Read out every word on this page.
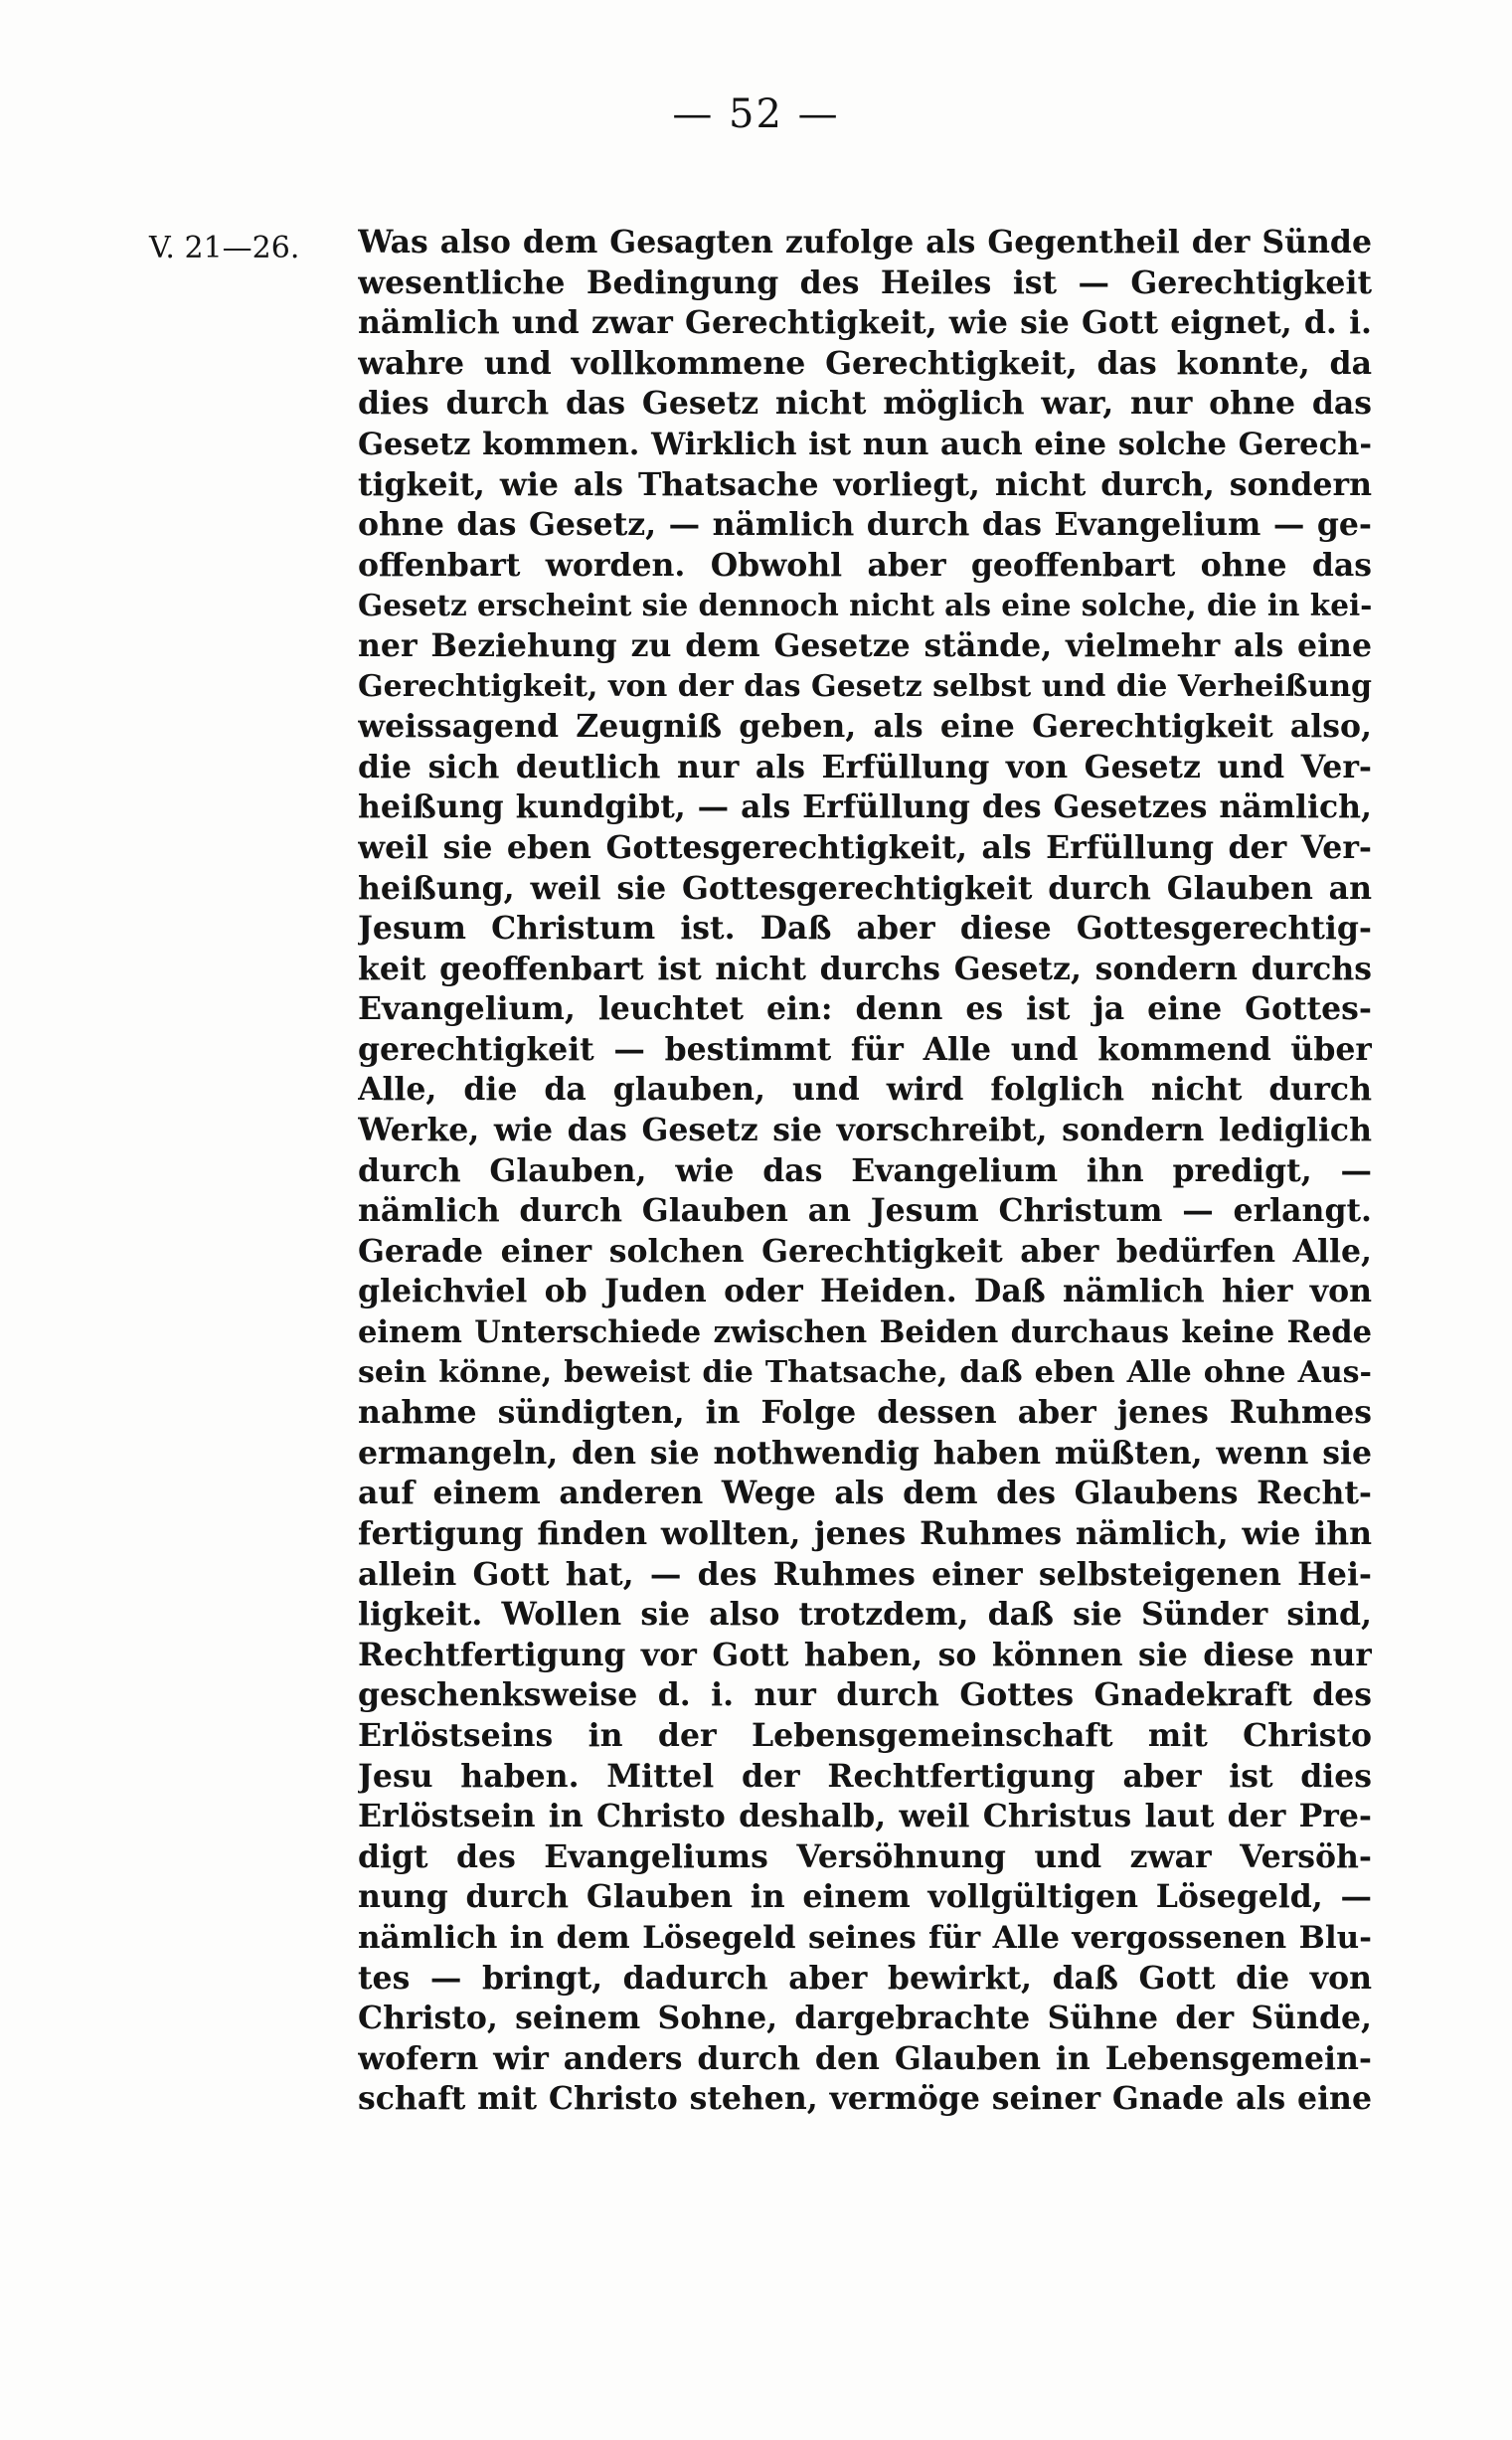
— 52 —
V. 21—26. Was also dem Gesagten zufolge als Gegentheil der Sünde
wesentliche Bedingung des Heiles ist — Gerechtigkeit
nämlich und zwar Gerechtigkeit, wie sie Gott eignet, d. i.
wahre und vollkommene Gerechtigkeit, das konnte, da
dies durch das Gesetz nicht möglich war, nur ohne das
Gesetz kommen. Wirklich ist nun auch eine solche Gerech-
tigkeit, wie als Thatsache vorliegt, nicht durch, sondern
ohne das Gesetz, — nämlich durch das Evangelium — ge-
offenbart worden. Obwohl aber geoffenbart ohne das
Gesetz erscheint sie dennoch nicht als eine solche, die in kei-
ner Beziehung zu dem Gesetze stände, vielmehr als eine
Gerechtigkeit, von der das Gesetz selbst und die Verheißung
weissagend Zeugniß geben, als eine Gerechtigkeit also,
die sich deutlich nur als Erfüllung von Gesetz und Ver-
heißung kundgibt, — als Erfüllung des Gesetzes nämlich,
weil sie eben Gottesgerechtigkeit, als Erfüllung der Ver-
heißung, weil sie Gottesgerechtigkeit durch Glauben an
Jesum Christum ist. Daß aber diese Gottesgerechtig-
keit geoffenbart ist nicht durchs Gesetz, sondern durchs
Evangelium, leuchtet ein: denn es ist ja eine Gottes-
gerechtigkeit — bestimmt für Alle und kommend über
Alle, die da glauben, und wird folglich nicht durch
Werke, wie das Gesetz sie vorschreibt, sondern lediglich
durch Glauben, wie das Evangelium ihn predigt, —
nämlich durch Glauben an Jesum Christum — erlangt.
Gerade einer solchen Gerechtigkeit aber bedürfen Alle,
gleichviel ob Juden oder Heiden. Daß nämlich hier von
einem Unterschiede zwischen Beiden durchaus keine Rede
sein könne, beweist die Thatsache, daß eben Alle ohne Aus-
nahme sündigten, in Folge dessen aber jenes Ruhmes
ermangeln, den sie nothwendig haben müßten, wenn sie
auf einem anderen Wege als dem des Glaubens Recht-
fertigung finden wollten, jenes Ruhmes nämlich, wie ihn
allein Gott hat, — des Ruhmes einer selbsteigenen Hei-
ligkeit. Wollen sie also trotzdem, daß sie Sünder sind,
Rechtfertigung vor Gott haben, so können sie diese nur
geschenksweise d. i. nur durch Gottes Gnadekraft des
Erlöstseins in der Lebensgemeinschaft mit Christo
Jesu haben. Mittel der Rechtfertigung aber ist dies
Erlöstsein in Christo deshalb, weil Christus laut der Pre-
digt des Evangeliums Versöhnung und zwar Versöh-
nung durch Glauben in einem vollgültigen Lösegeld, —
nämlich in dem Lösegeld seines für Alle vergossenen Blu-
tes — bringt, dadurch aber bewirkt, daß Gott die von
Christo, seinem Sohne, dargebrachte Sühne der Sünde,
wofern wir anders durch den Glauben in Lebensgemein-
schaft mit Christo stehen, vermöge seiner Gnade als eine
